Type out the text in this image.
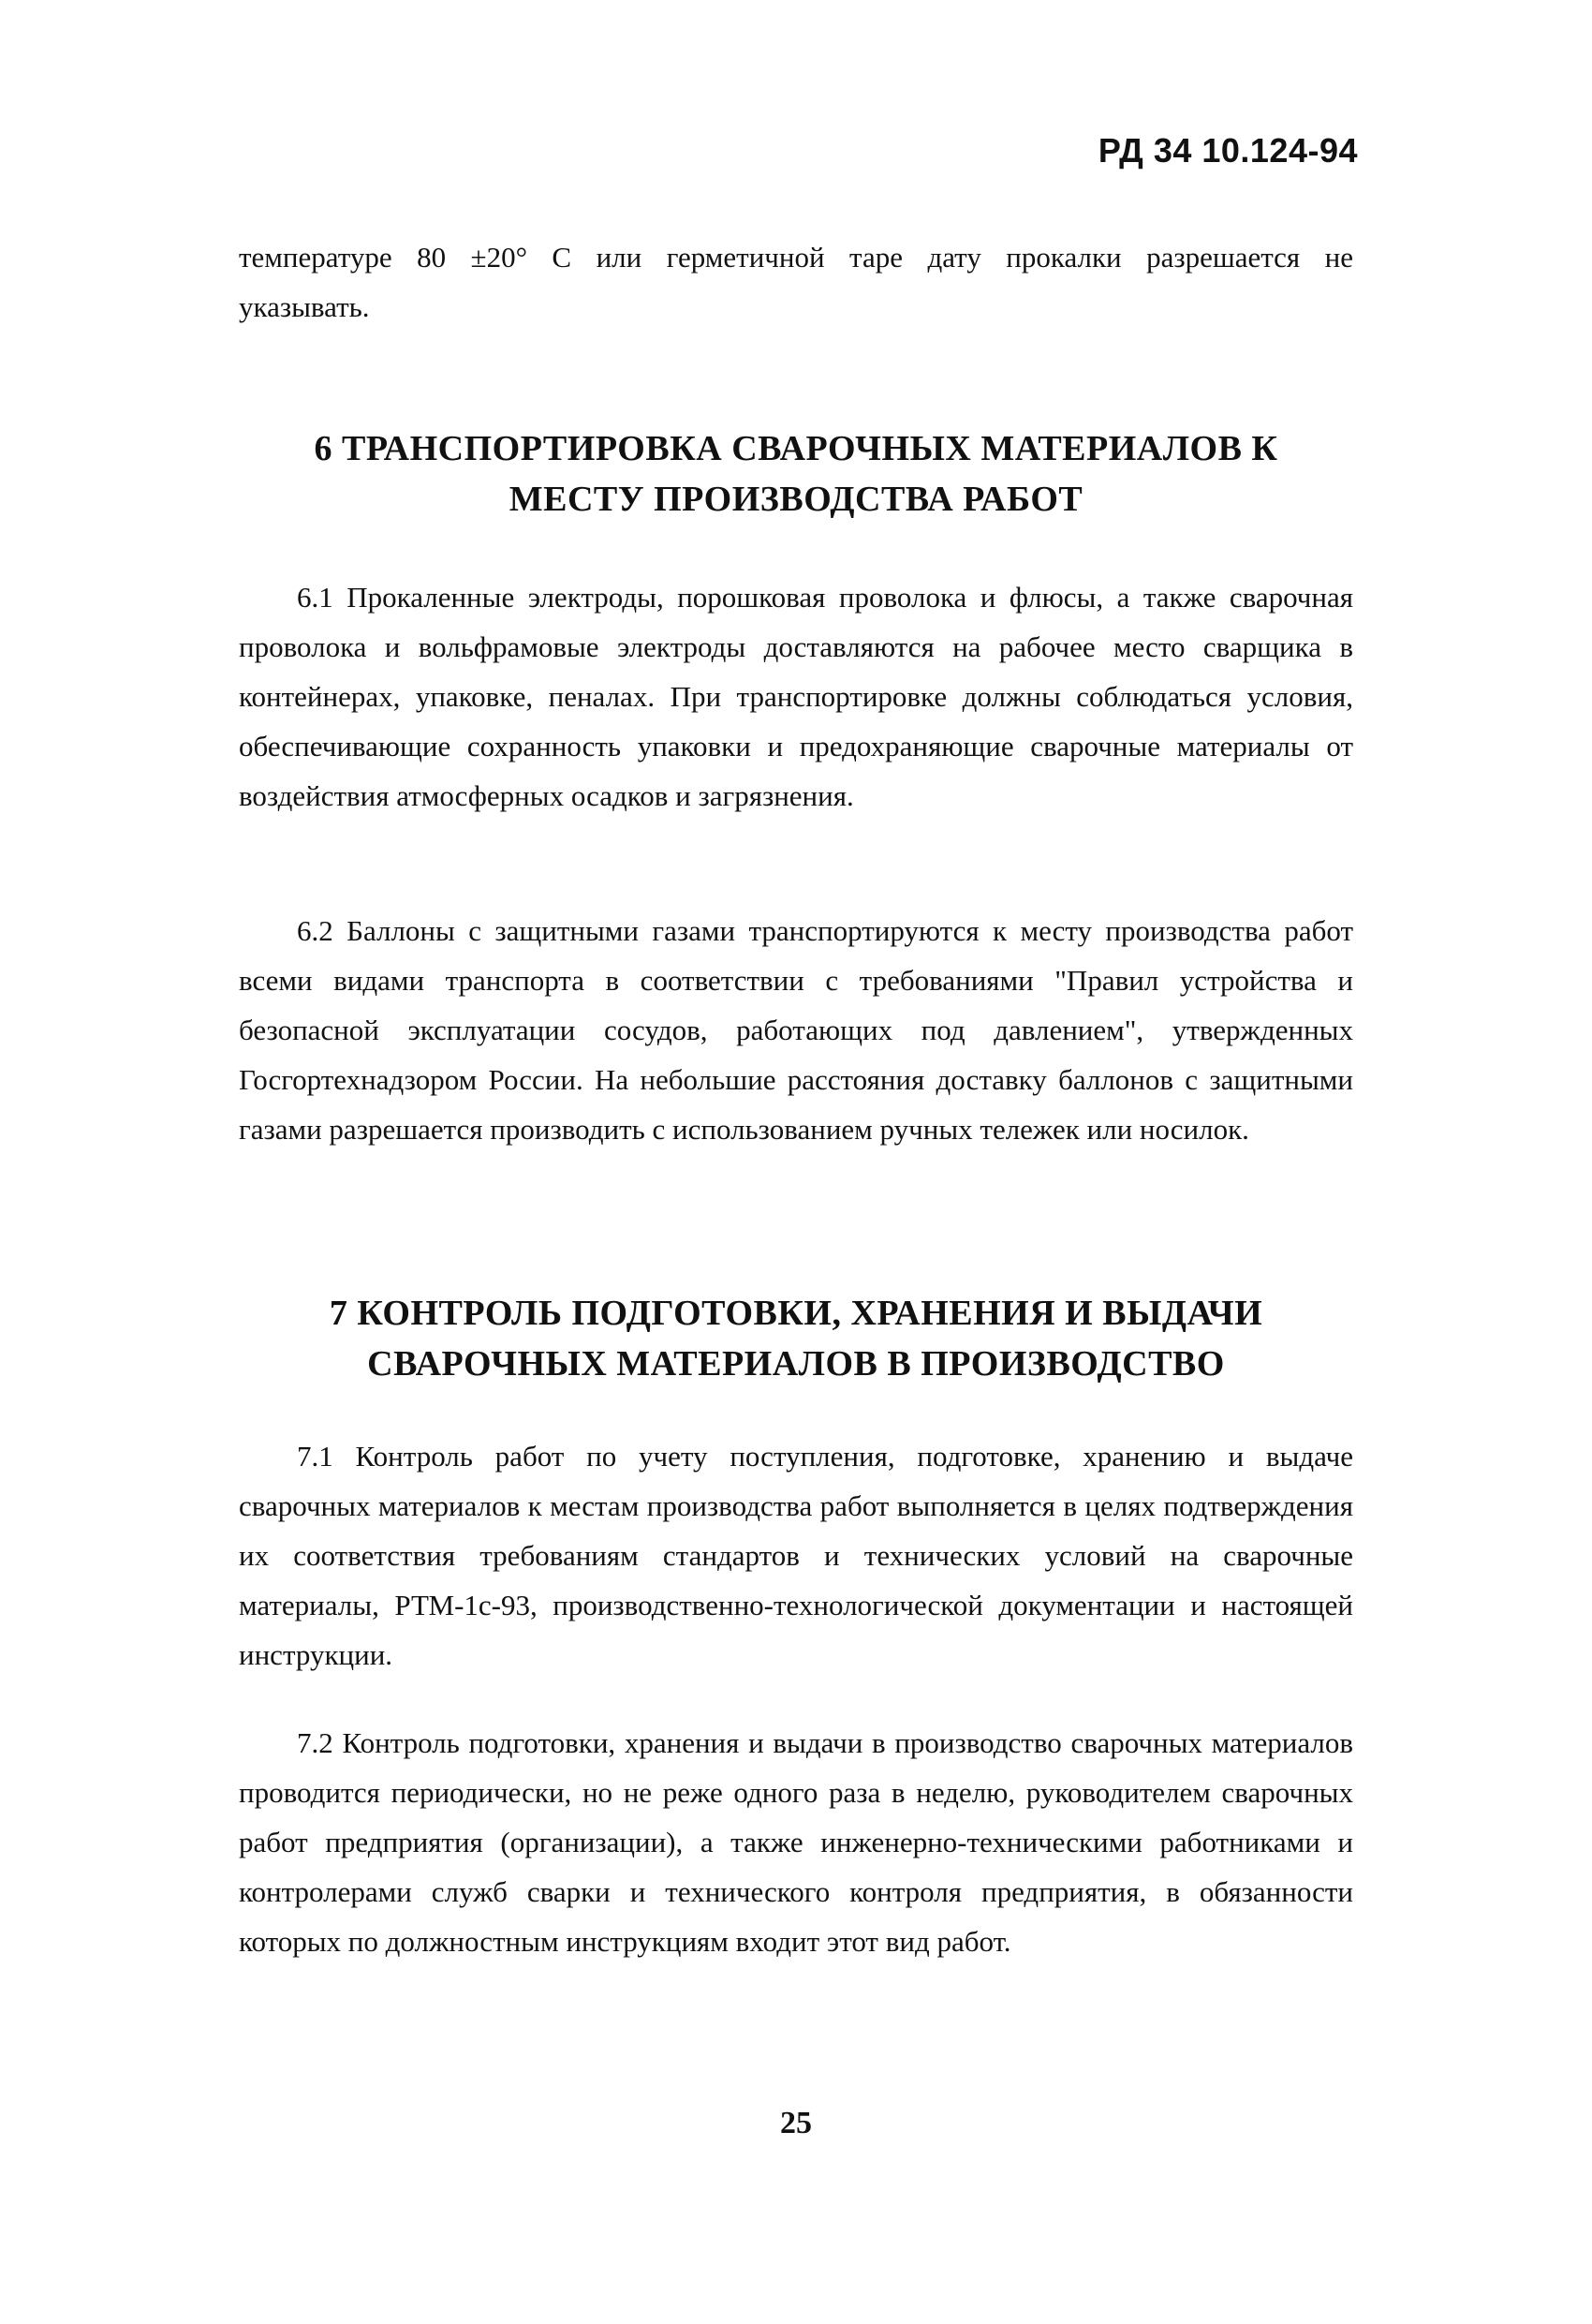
РД 34 10.124-94

температуре 80 ±20° С или герметичной таре дату прокалки разрешается не указывать.

6 ТРАНСПОРТИРОВКА СВАРОЧНЫХ МАТЕРИАЛОВ К
МЕСТУ ПРОИЗВОДСТВА РАБОТ

6.1 Прокаленные электроды, порошковая проволока и флюсы, а также сварочная проволока и вольфрамовые электроды доставляются на рабочее место сварщика в контейнерах, упаковке, пеналах. При транспортировке должны соблюдаться условия, обеспечивающие сохранность упаковки и предохраняющие сварочные материалы от воздействия атмосферных осадков и загрязнения.

6.2 Баллоны с защитными газами транспортируются к месту производства работ всеми видами транспорта в соответствии с требованиями "Правил устройства и безопасной эксплуатации сосудов, работающих под давлением", утвержденных Госгортехнадзором России. На небольшие расстояния доставку баллонов с защитными газами разрешается производить с использованием ручных тележек или носилок.

7 КОНТРОЛЬ ПОДГОТОВКИ, ХРАНЕНИЯ И ВЫДАЧИ
СВАРОЧНЫХ МАТЕРИАЛОВ В ПРОИЗВОДСТВО

7.1 Контроль работ по учету поступления, подготовке, хранению и выдаче сварочных материалов к местам производства работ выполняется в целях подтверждения их соответствия требованиям стандартов и технических условий на сварочные материалы, РТМ-1с-93, производственно-технологической документации и настоящей инструкции.

7.2 Контроль подготовки, хранения и выдачи в производство сварочных материалов проводится периодически, но не реже одного раза в неделю, руководителем сварочных работ предприятия (организации), а также инженерно-техническими работниками и контролерами служб сварки и технического контроля предприятия, в обязанности которых по должностным инструкциям входит этот вид работ.

25
